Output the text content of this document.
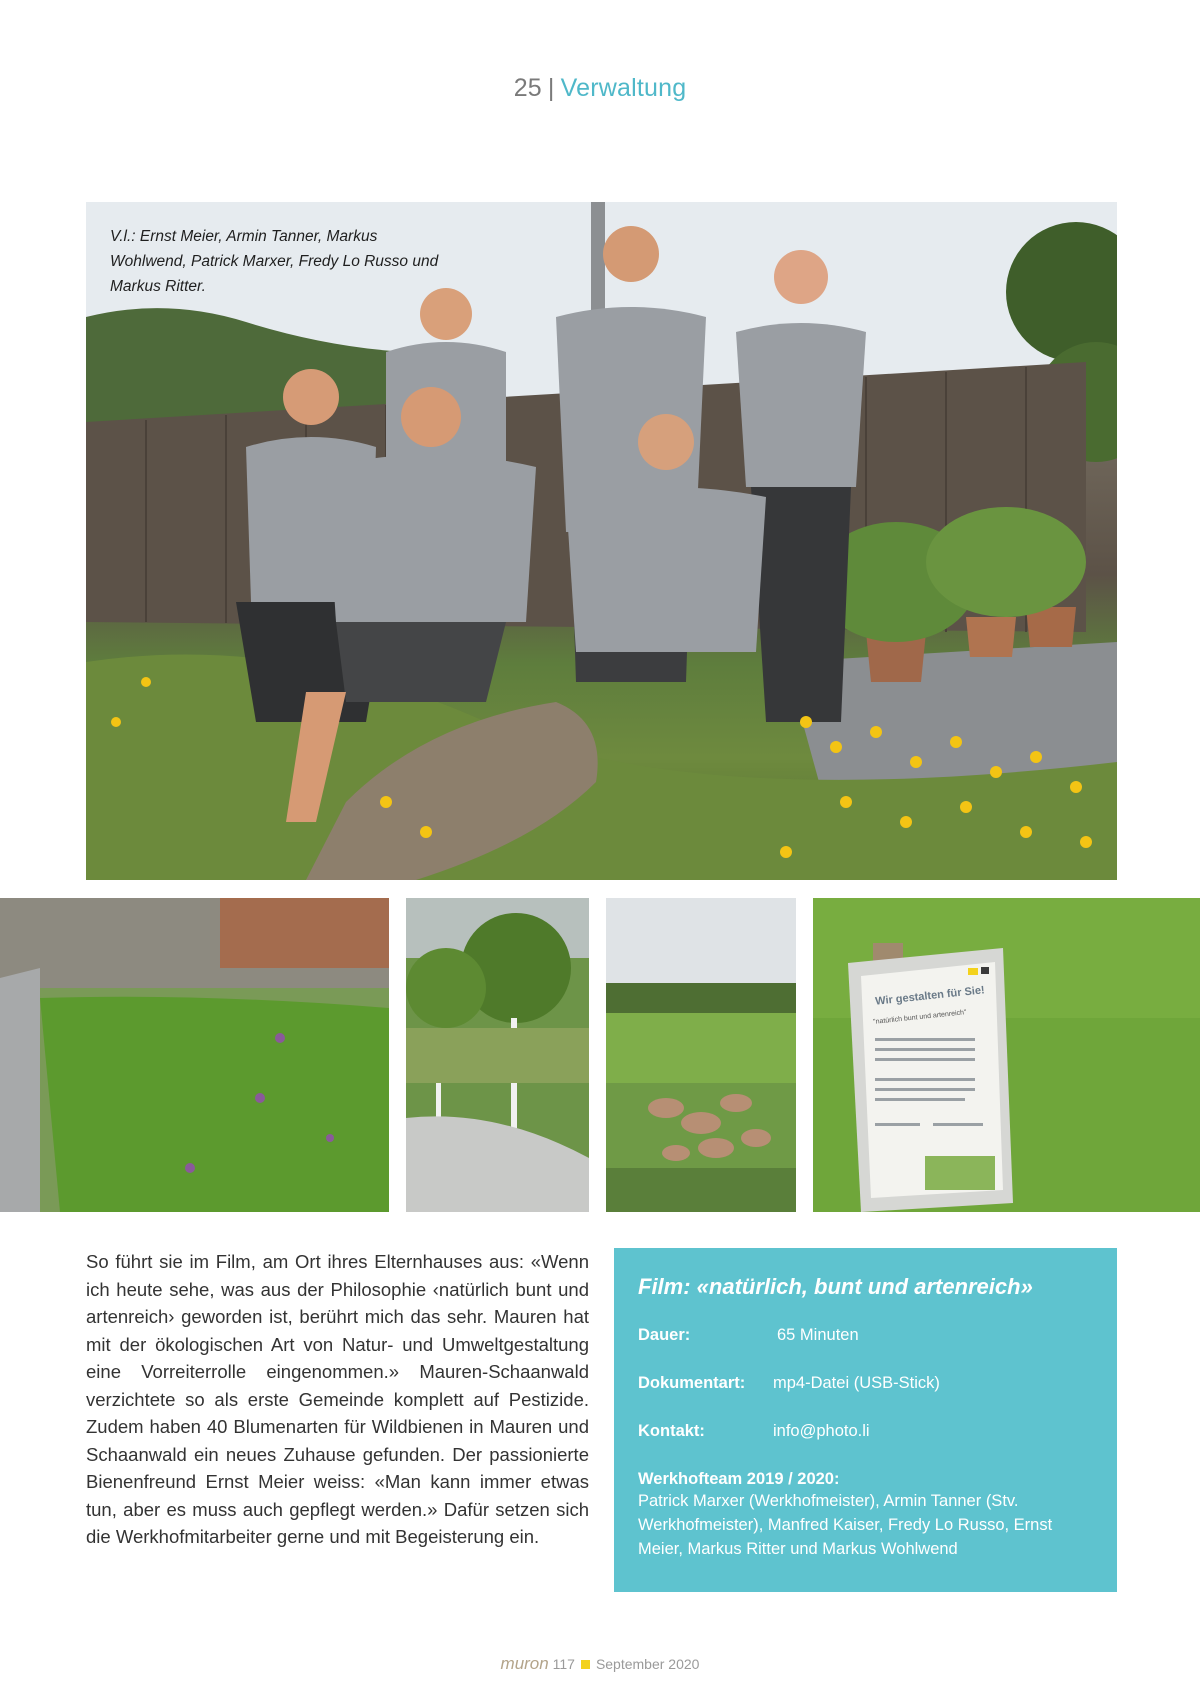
25 | Verwaltung
V.l.: Ernst Meier, Armin Tanner, Markus Wohlwend, Patrick Marxer, Fredy Lo Russo und Markus Ritter.
Wir gestalten für Sie!
"natürlich bunt und artenreich"
So führt sie im Film, am Ort ihres Elternhauses aus: «Wenn ich heute sehe, was aus der Philosophie ‹natürlich bunt und artenreich› geworden ist, berührt mich das sehr. Mauren hat mit der ökologischen Art von Natur- und Umweltgestaltung eine Vorreiterrolle eingenommen.» Mauren-Schaanwald verzichtete so als erste Gemeinde komplett auf Pestizide. Zudem haben 40 Blumenarten für Wildbienen in Mauren und Schaanwald ein neues Zuhause gefunden. Der passionierte Bienenfreund Ernst Meier weiss: «Man kann immer etwas tun, aber es muss auch gepflegt werden.» Dafür setzen sich die Werkhofmitarbeiter gerne und mit Begeisterung ein.
Film: «natürlich, bunt und artenreich»
Dauer:	65 Minuten
Dokumentart:	mp4-Datei (USB-Stick)
Kontakt:	info@photo.li
Werkhofteam 2019 / 2020:
Patrick Marxer (Werkhofmeister), Armin Tanner (Stv. Werkhofmeister), Manfred Kaiser, Fredy Lo Russo, Ernst Meier, Markus Ritter und Markus Wohlwend
muron 117 September 2020
